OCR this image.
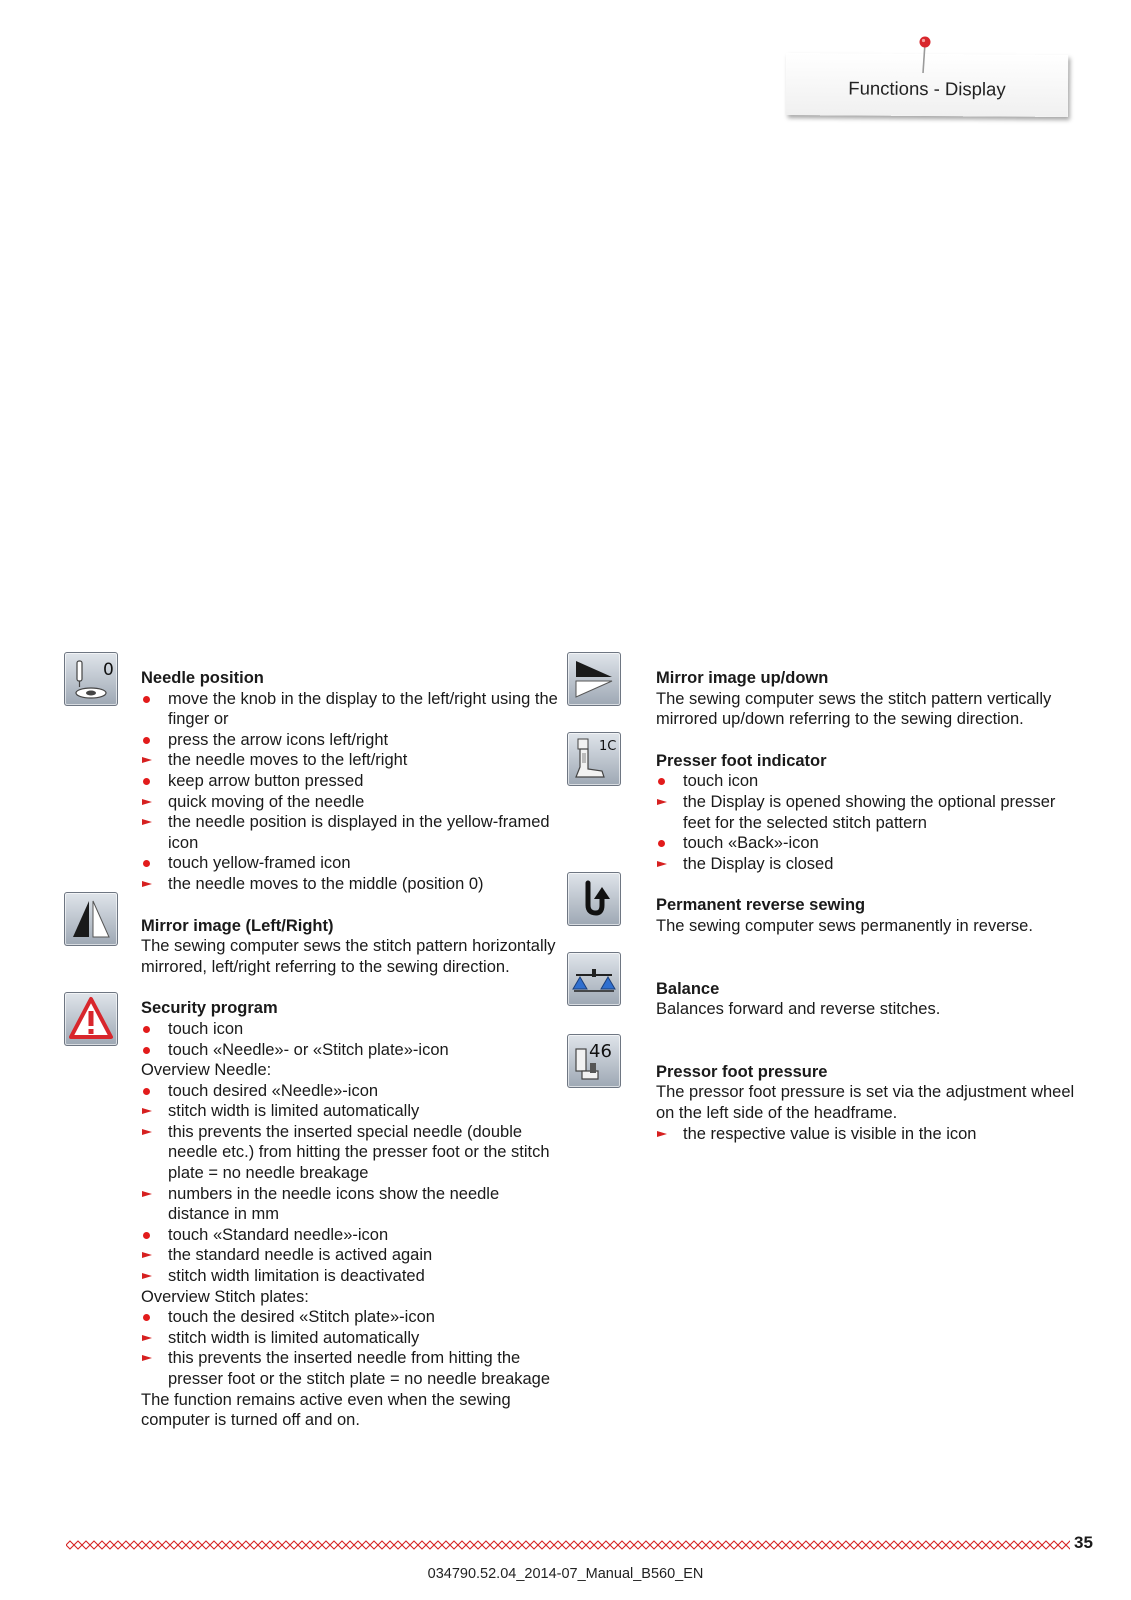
Functions - Display
0
1C
46
Needle position
move the knob in the display to the left/right using the finger or
press the arrow icons left/right
the needle moves to the left/right
keep arrow button pressed
quick moving of the needle
the needle position is displayed in the yellow-framed icon
touch yellow-framed icon
the needle moves to the middle (position 0)
Mirror image (Left/Right)
The sewing computer sews the stitch pattern horizontally mirrored, left/right referring to the sewing direction.
Security program
touch icon
touch «Needle»- or «Stitch plate»-icon
Overview Needle:
touch desired «Needle»-icon
stitch width is limited automatically
this prevents the inserted special needle (double needle etc.) from hitting the presser foot or the stitch plate = no needle breakage
numbers in the needle icons show the needle distance in mm
touch «Standard needle»-icon
the standard needle is actived again
stitch width limitation is deactivated
Overview Stitch plates:
touch the desired «Stitch plate»-icon
stitch width is limited automatically
this prevents the inserted needle from hitting the presser foot or the stitch plate = no needle breakage
The function remains active even when the sewing computer is turned off and on.
Mirror image up/down
The sewing computer sews the stitch pattern vertically mirrored up/down referring to the sewing direction.
Presser foot indicator
touch icon
the Display is opened showing the optional presser feet for the selected stitch pattern
touch «Back»-icon
the Display is closed
Permanent reverse sewing
The sewing computer sews permanently in reverse.
Balance
Balances forward and reverse stitches.
Pressor foot pressure
The pressor foot pressure is set via the adjustment wheel on the left side of the headframe.
the respective value is visible in the icon
35
034790.52.04_2014-07_Manual_B560_EN
